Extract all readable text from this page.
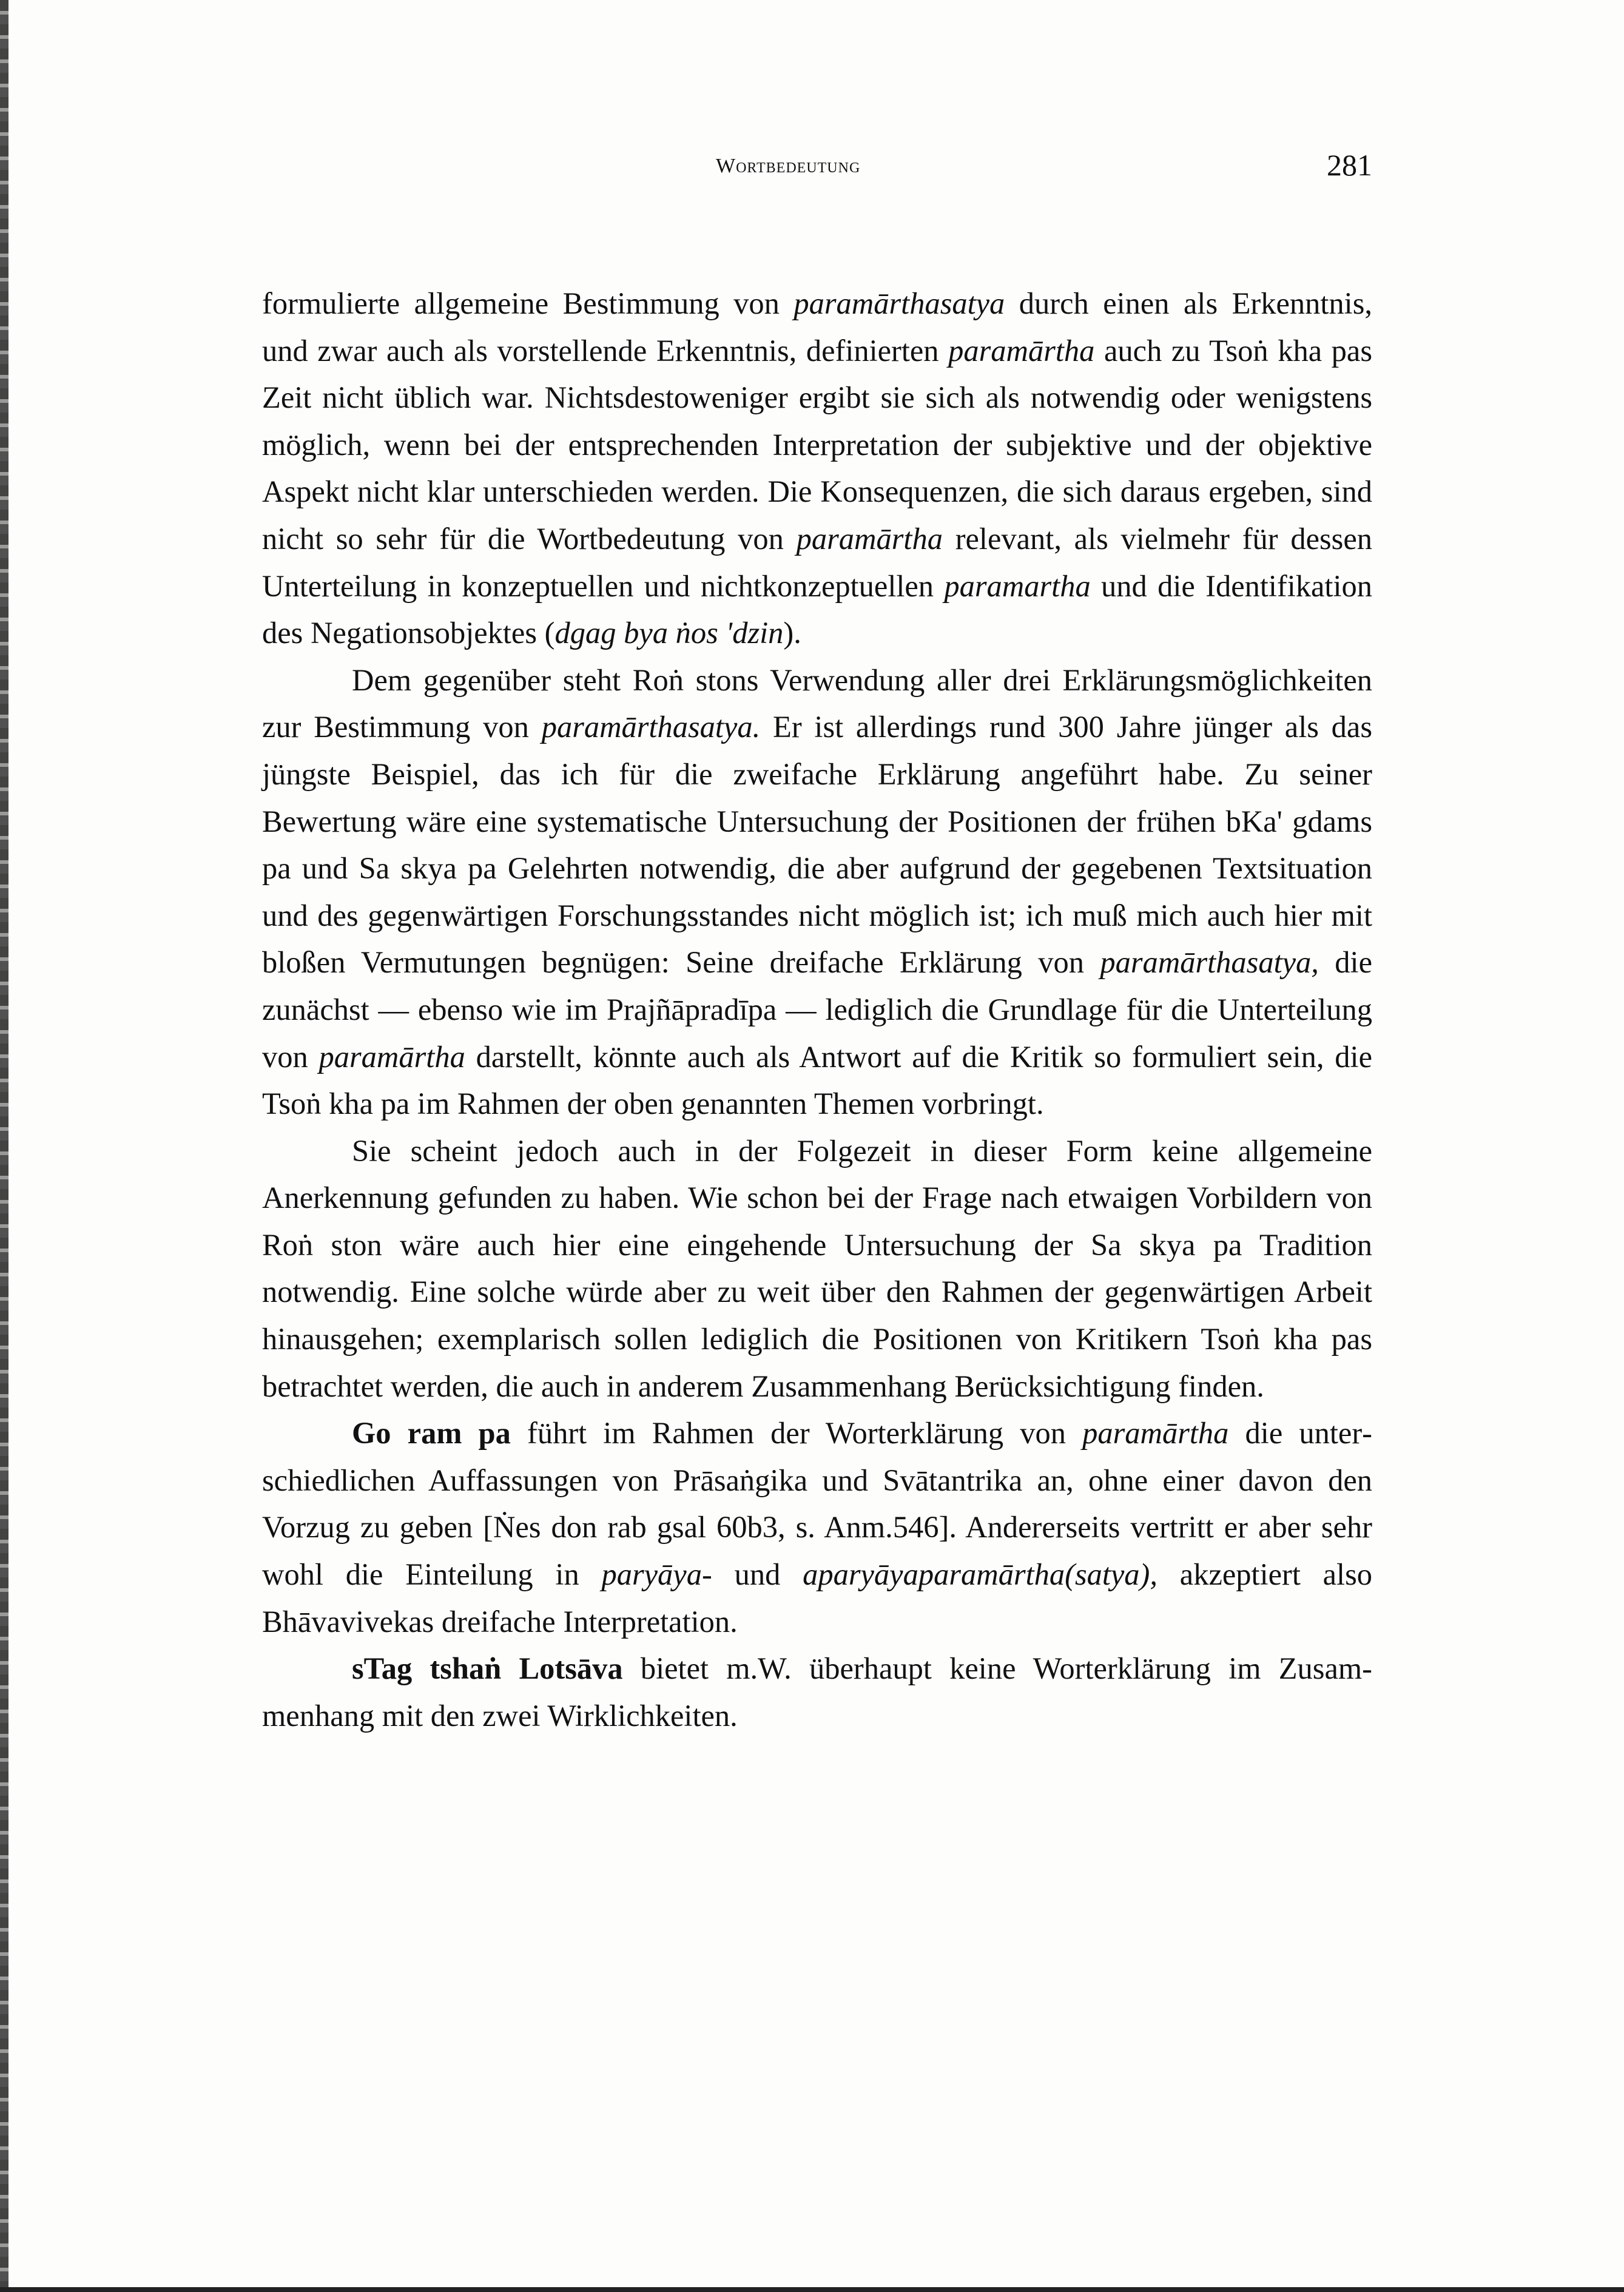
Wortbedeutung	281

formulierte allgemeine Bestimmung von paramārthasatya durch einen als Erkenntnis, und zwar auch als vorstellende Erkenntnis, definierten paramārtha auch zu Tsoṅ kha pas Zeit nicht üblich war. Nichtsdestoweniger ergibt sie sich als notwendig oder wenigstens möglich, wenn bei der entsprechenden Interpretation der subjektive und der objektive Aspekt nicht klar unterschieden werden. Die Konsequenzen, die sich daraus ergeben, sind nicht so sehr für die Wortbedeutung von paramārtha relevant, als vielmehr für dessen Unterteilung in konzeptuellen und nichtkonzeptuellen paramartha und die Identifikation des Negationsobjektes (dgag bya ṅos 'dzin).

Dem gegenüber steht Roṅ stons Verwendung aller drei Erklärungsmöglichkeiten zur Bestimmung von paramārthasatya. Er ist allerdings rund 300 Jahre jünger als das jüngste Beispiel, das ich für die zweifache Erklärung angeführt habe. Zu seiner Bewertung wäre eine systematische Untersuchung der Positionen der frühen bKa' gdams pa und Sa skya pa Gelehrten notwendig, die aber aufgrund der gegebenen Textsituation und des gegenwärtigen Forschungsstandes nicht möglich ist; ich muß mich auch hier mit bloßen Vermutungen begnügen: Seine dreifache Erklärung von paramārthasatya, die zunächst — ebenso wie im Prajñāpradīpa — lediglich die Grundlage für die Unterteilung von paramārtha darstellt, könnte auch als Antwort auf die Kritik so formuliert sein, die Tsoṅ kha pa im Rahmen der oben genannten Themen vorbringt.

Sie scheint jedoch auch in der Folgezeit in dieser Form keine allgemeine Anerkennung gefunden zu haben. Wie schon bei der Frage nach etwaigen Vorbildern von Roṅ ston wäre auch hier eine eingehende Untersuchung der Sa skya pa Tradition notwendig. Eine solche würde aber zu weit über den Rahmen der gegenwärtigen Arbeit hinausgehen; exemplarisch sollen lediglich die Positionen von Kritikern Tsoṅ kha pas betrachtet werden, die auch in anderem Zusammenhang Berücksichtigung finden.

Go ram pa führt im Rahmen der Worterklärung von paramārtha die unterschiedlichen Auffassungen von Prāsaṅgika und Svātantrika an, ohne einer davon den Vorzug zu geben [Ṅes don rab gsal 60b3, s. Anm.546]. Andererseits vertritt er aber sehr wohl die Einteilung in paryāya- und aparyāyaparamārtha(satya), akzeptiert also Bhāvavivekas dreifache Interpretation.

sTag tshaṅ Lotsāva bietet m.W. überhaupt keine Worterklärung im Zusammenhang mit den zwei Wirklichkeiten.
